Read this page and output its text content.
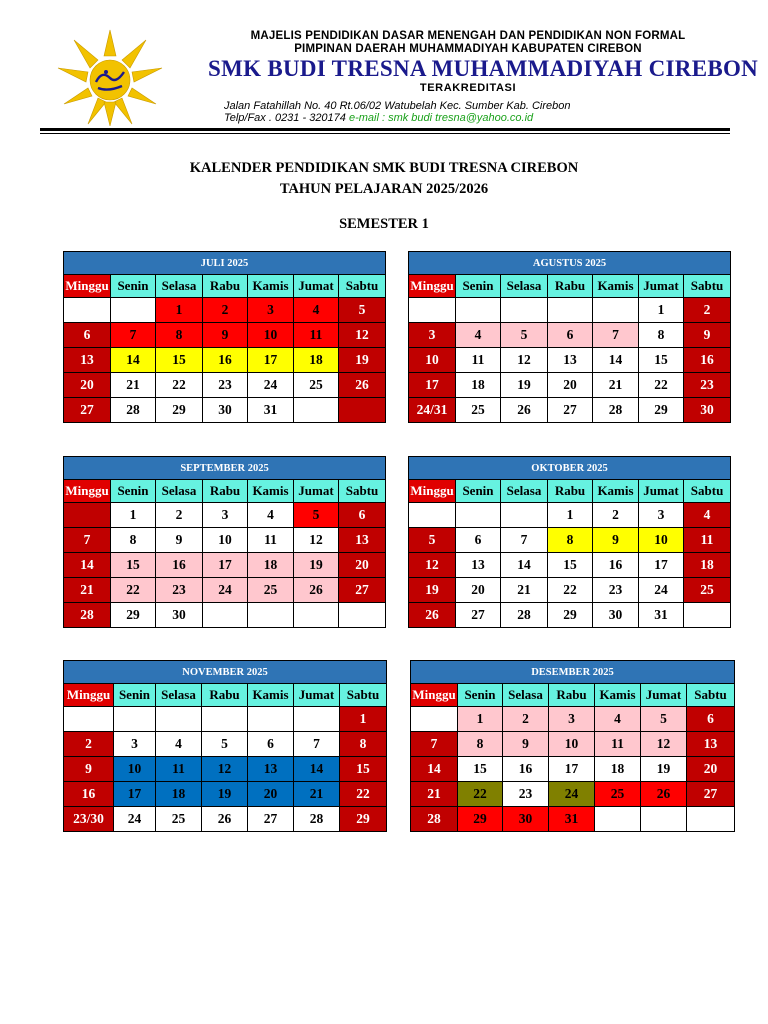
MAJELIS PENDIDIKAN DASAR MENENGAH DAN PENDIDIKAN NON FORMAL
PIMPINAN DAERAH MUHAMMADIYAH KABUPATEN CIREBON
SMK BUDI TRESNA MUHAMMADIYAH CIREBON
TERAKREDITASI
Jalan Fatahillah No. 40 Rt.06/02 Watubelah Kec. Sumber Kab. Cirebon
Telp/Fax . 0231 - 320174 e-mail : smk budi tresna@yahoo.co.id
KALENDER PENDIDIKAN SMK BUDI TRESNA CIREBON
TAHUN PELAJARAN 2025/2026
SEMESTER 1
JULI 2025						
Minggu	Senin	Selasa	Rabu	Kamis	Jumat	Sabtu
		1	2	3	4	5
6	7	8	9	10	11	12
13	14	15	16	17	18	19
20	21	22	23	24	25	26
27	28	29	30	31		
AGUSTUS 2025						
Minggu	Senin	Selasa	Rabu	Kamis	Jumat	Sabtu
					1	2
3	4	5	6	7	8	9
10	11	12	13	14	15	16
17	18	19	20	21	22	23
24/31	25	26	27	28	29	30
SEPTEMBER 2025						
Minggu	Senin	Selasa	Rabu	Kamis	Jumat	Sabtu
	1	2	3	4	5	6
7	8	9	10	11	12	13
14	15	16	17	18	19	20
21	22	23	24	25	26	27
28	29	30				
OKTOBER 2025						
Minggu	Senin	Selasa	Rabu	Kamis	Jumat	Sabtu
			1	2	3	4
5	6	7	8	9	10	11
12	13	14	15	16	17	18
19	20	21	22	23	24	25
26	27	28	29	30	31	
NOVEMBER 2025						
Minggu	Senin	Selasa	Rabu	Kamis	Jumat	Sabtu
						1
2	3	4	5	6	7	8
9	10	11	12	13	14	15
16	17	18	19	20	21	22
23/30	24	25	26	27	28	29
DESEMBER 2025						
Minggu	Senin	Selasa	Rabu	Kamis	Jumat	Sabtu
	1	2	3	4	5	6
7	8	9	10	11	12	13
14	15	16	17	18	19	20
21	22	23	24	25	26	27
28	29	30	31			
